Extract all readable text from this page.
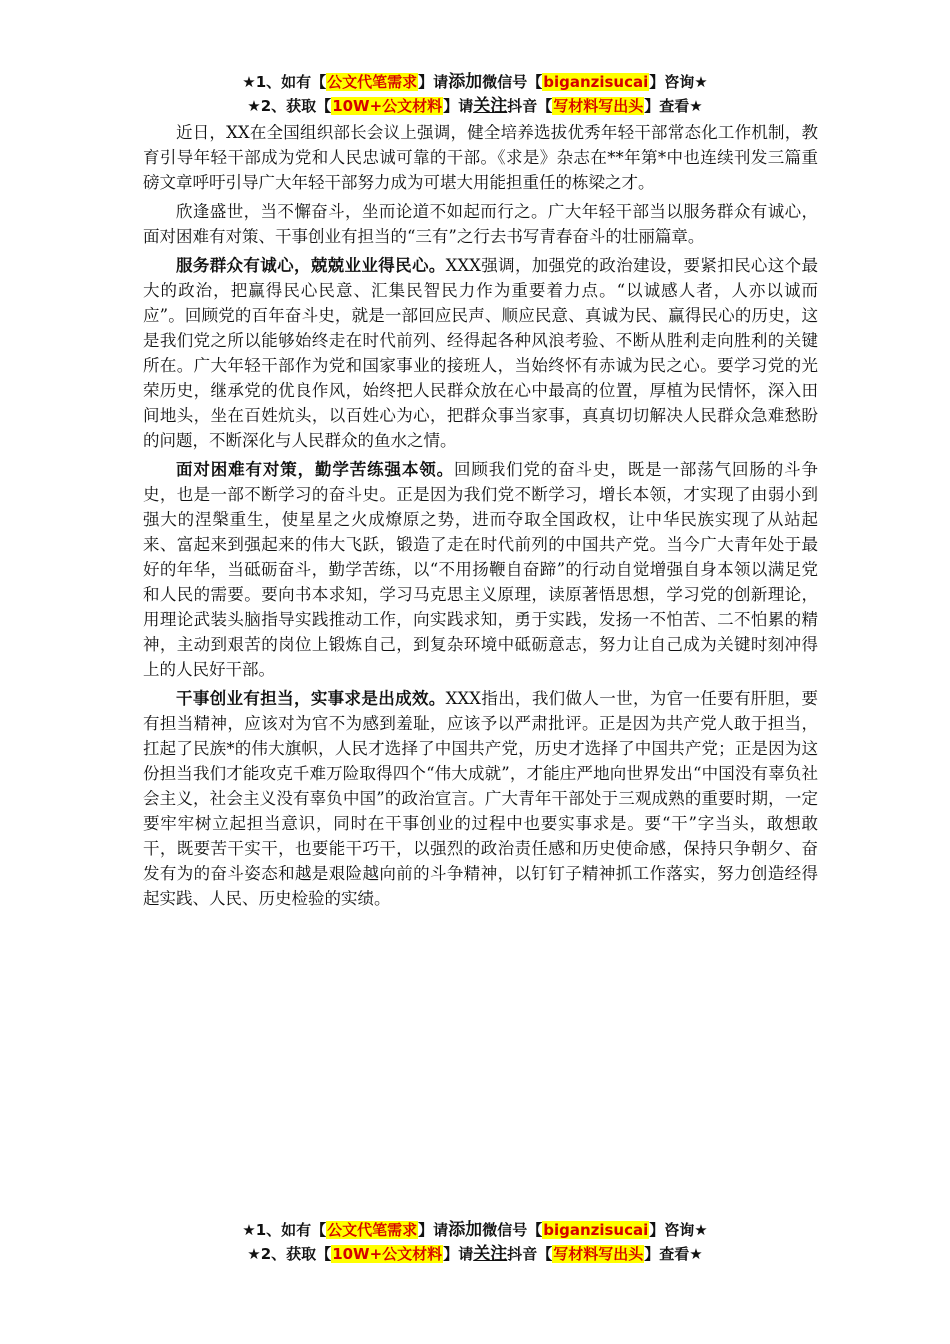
★1、如有【公文代笔需求】请添加微信号【biganzisucai】咨询★
★2、获取【10W+公文材料】请关注抖音【写材料写出头】查看★

近日，XX在全国组织部长会议上强调，健全培养选拔优秀年轻干部常态化工作机制，教育引导年轻干部成为党和人民忠诚可靠的干部。《求是》杂志在**年第*中也连续刊发三篇重磅文章呼吁引导广大年轻干部努力成为可堪大用能担重任的栋梁之才。

欣逢盛世，当不懈奋斗，坐而论道不如起而行之。广大年轻干部当以服务群众有诚心，面对困难有对策、干事创业有担当的“三有”之行去书写青春奋斗的壮丽篇章。

服务群众有诚心，兢兢业业得民心。XXX强调，加强党的政治建设，要紧扣民心这个最大的政治，把赢得民心民意、汇集民智民力作为重要着力点。“以诚感人者，人亦以诚而应”。回顾党的百年奋斗史，就是一部回应民声、顺应民意、真诚为民、赢得民心的历史，这是我们党之所以能够始终走在时代前列、经得起各种风浪考验、不断从胜利走向胜利的关键所在。广大年轻干部作为党和国家事业的接班人，当始终怀有赤诚为民之心。要学习党的光荣历史，继承党的优良作风，始终把人民群众放在心中最高的位置，厚植为民情怀，深入田间地头，坐在百姓炕头，以百姓心为心，把群众事当家事，真真切切解决人民群众急难愁盼的问题，不断深化与人民群众的鱼水之情。

面对困难有对策，勤学苦练强本领。回顾我们党的奋斗史，既是一部荡气回肠的斗争史，也是一部不断学习的奋斗史。正是因为我们党不断学习，增长本领，才实现了由弱小到强大的涅槃重生，使星星之火成燎原之势，进而夺取全国政权，让中华民族实现了从站起来、富起来到强起来的伟大飞跃，锻造了走在时代前列的中国共产党。当今广大青年处于最好的年华，当砥砺奋斗，勤学苦练，以“不用扬鞭自奋蹄”的行动自觉增强自身本领以满足党和人民的需要。要向书本求知，学习马克思主义原理，读原著悟思想，学习党的创新理论，用理论武装头脑指导实践推动工作，向实践求知，勇于实践，发扬一不怕苦、二不怕累的精神，主动到艰苦的岗位上锻炼自己，到复杂环境中砥砺意志，努力让自己成为关键时刻冲得上的人民好干部。

干事创业有担当，实事求是出成效。XXX指出，我们做人一世，为官一任要有肝胆，要有担当精神，应该对为官不为感到羞耻，应该予以严肃批评。正是因为共产党人敢于担当，扛起了民族*的伟大旗帜，人民才选择了中国共产党，历史才选择了中国共产党；正是因为这份担当我们才能攻克千难万险取得四个“伟大成就”，才能庄严地向世界发出“中国没有辜负社会主义，社会主义没有辜负中国”的政治宣言。广大青年干部处于三观成熟的重要时期，一定要牢牢树立起担当意识，同时在干事创业的过程中也要实事求是。要“干”字当头，敢想敢干，既要苦干实干，也要能干巧干，以强烈的政治责任感和历史使命感，保持只争朝夕、奋发有为的奋斗姿态和越是艰险越向前的斗争精神，以钉钉子精神抓工作落实，努力创造经得起实践、人民、历史检验的实绩。

★1、如有【公文代笔需求】请添加微信号【biganzisucai】咨询★
★2、获取【10W+公文材料】请关注抖音【写材料写出头】查看★
